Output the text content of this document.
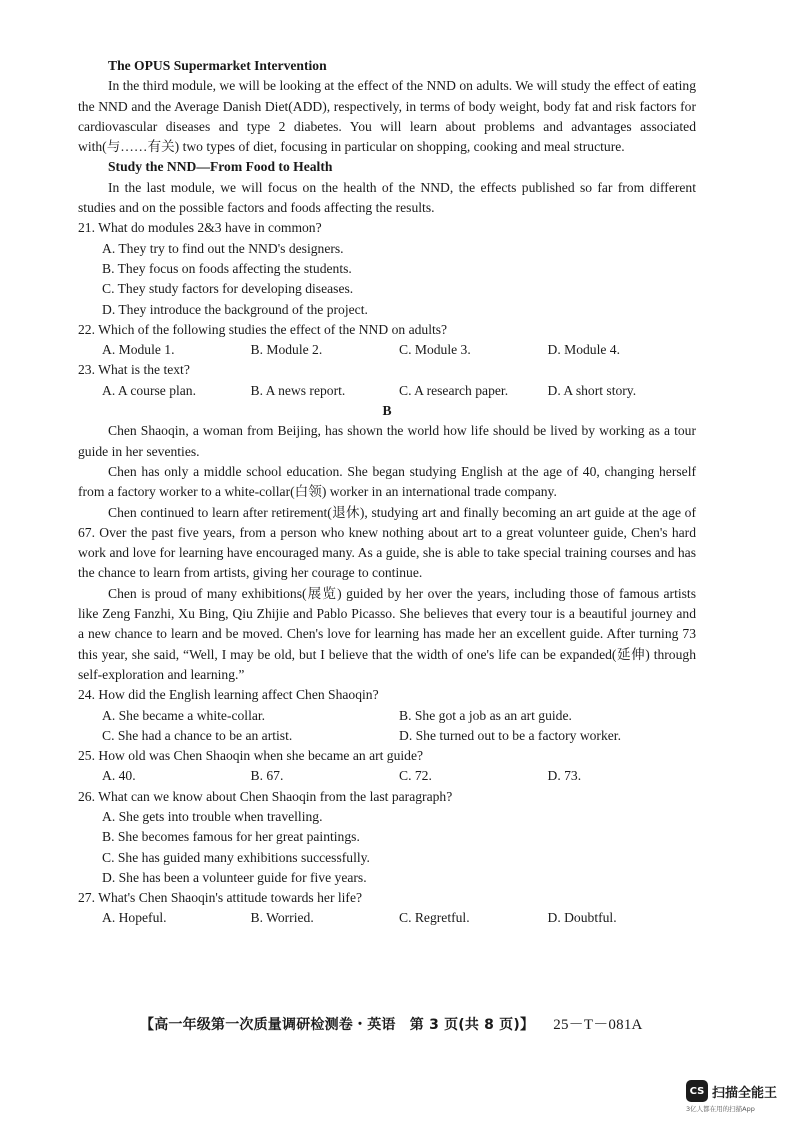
The OPUS Supermarket Intervention

In the third module, we will be looking at the effect of the NND on adults. We will study the effect of eating the NND and the Average Danish Diet(ADD), respectively, in terms of body weight, body fat and risk factors for cardiovascular diseases and type 2 diabetes. You will learn about problems and advantages associated with(与……有关) two types of diet, focusing in particular on shopping, cooking and meal structure.

Study the NND—From Food to Health

In the last module, we will focus on the health of the NND, the effects published so far from different studies and on the possible factors and foods affecting the results.

21. What do modules 2&3 have in common?
A. They try to find out the NND's designers.
B. They focus on foods affecting the students.
C. They study factors for developing diseases.
D. They introduce the background of the project.
22. Which of the following studies the effect of the NND on adults?
A. Module 1.	B. Module 2.	C. Module 3.	D. Module 4.
23. What is the text?
A. A course plan.	B. A news report.	C. A research paper.	D. A short story.
B

Chen Shaoqin, a woman from Beijing, has shown the world how life should be lived by working as a tour guide in her seventies.

Chen has only a middle school education. She began studying English at the age of 40, changing herself from a factory worker to a white-collar(白领) worker in an international trade company.

Chen continued to learn after retirement(退休), studying art and finally becoming an art guide at the age of 67. Over the past five years, from a person who knew nothing about art to a great volunteer guide, Chen's hard work and love for learning have encouraged many. As a guide, she is able to take special training courses and has the chance to learn from artists, giving her courage to continue.

Chen is proud of many exhibitions(展览) guided by her over the years, including those of famous artists like Zeng Fanzhi, Xu Bing, Qiu Zhijie and Pablo Picasso. She believes that every tour is a beautiful journey and a new chance to learn and be moved. Chen's love for learning has made her an excellent guide. After turning 73 this year, she said, “Well, I may be old, but I believe that the width of one's life can be expanded(延伸) through self-exploration and learning.”

24. How did the English learning affect Chen Shaoqin?
A. She became a white-collar.	B. She got a job as an art guide.
C. She had a chance to be an artist.	D. She turned out to be a factory worker.
25. How old was Chen Shaoqin when she became an art guide?
A. 40.	B. 67.	C. 72.	D. 73.
26. What can we know about Chen Shaoqin from the last paragraph?
A. She gets into trouble when travelling.
B. She becomes famous for her great paintings.
C. She has guided many exhibitions successfully.
D. She has been a volunteer guide for five years.
27. What's Chen Shaoqin's attitude towards her life?
A. Hopeful.	B. Worried.	C. Regretful.	D. Doubtful.
【高一年级第一次质量调研检测卷・英语　第 3 页(共 8 页)】 25－T－081A
CS 扫描全能王
3亿人都在用的扫描App
